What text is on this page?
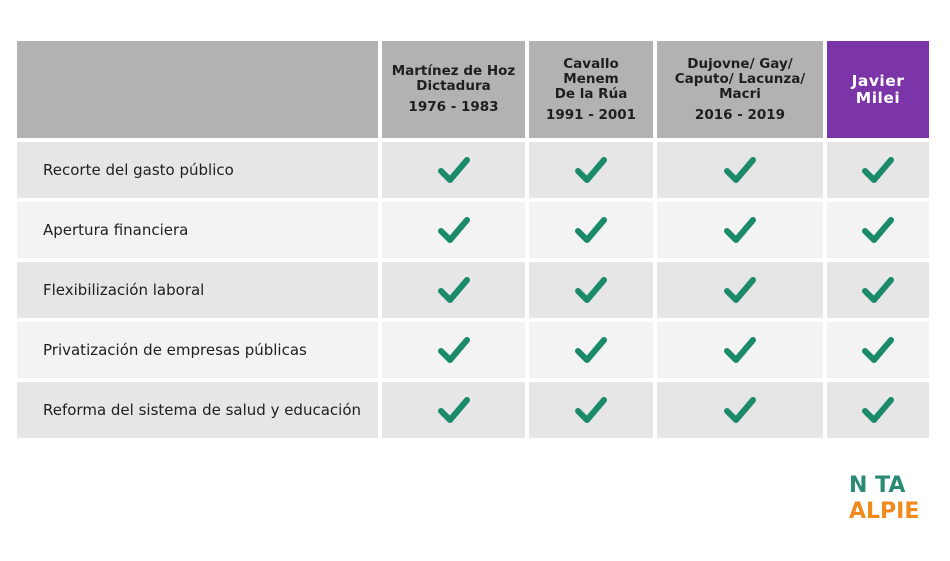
Martínez de Hoz
Dictadura
1976 - 1983
Cavallo
Menem
De la Rúa
1991 - 2001
Dujovne/ Gay/
Caputo/ Lacunza/
Macri
2016 - 2019
Javier
Milei
Recorte del gasto público
Apertura financiera
Flexibilización laboral
Privatización de empresas públicas
Reforma del sistema de salud y educación
N TA
ALPIE
